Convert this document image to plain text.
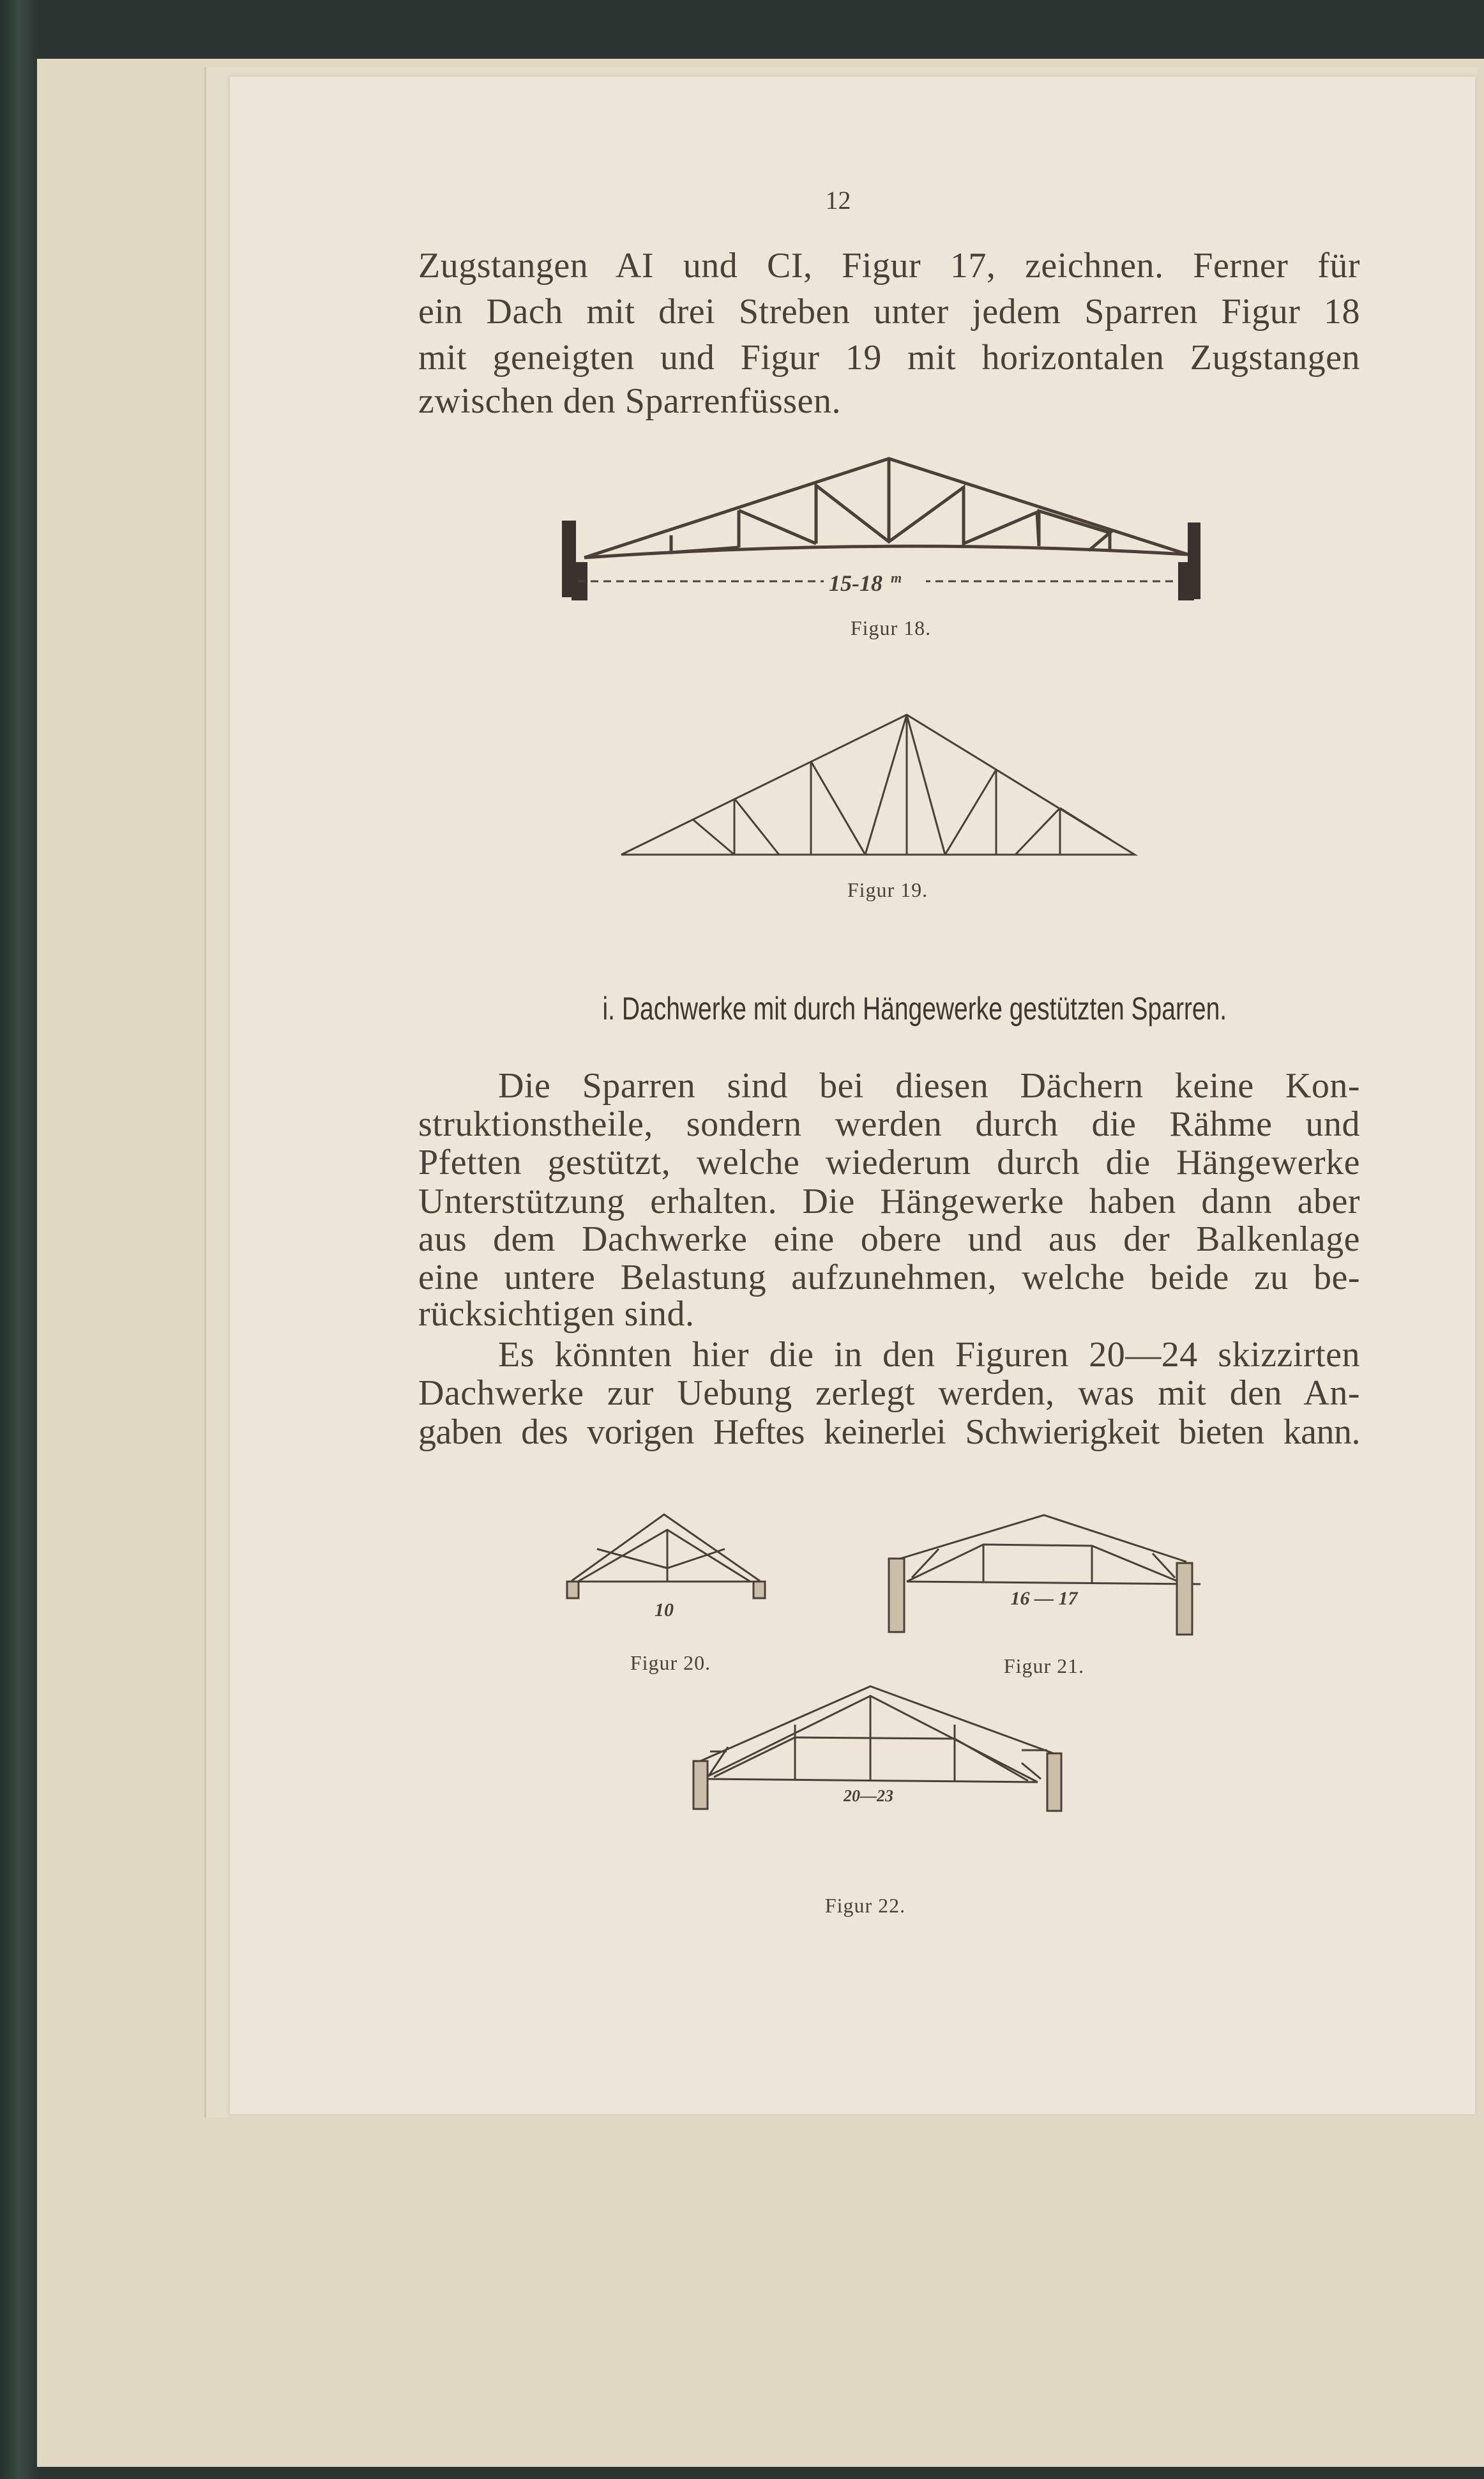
12
Zugstangen AI und CI, Figur 17, zeichnen. Ferner für
ein Dach mit drei Streben unter jedem Sparren Figur 18
mit geneigten und Figur 19 mit horizontalen Zugstangen
zwischen den Sparrenfüssen.
15-18 m
Figur 18.
Figur 19.
i. Dachwerke mit durch Hängewerke gestützten Sparren.
Die Sparren sind bei diesen Dächern keine Kon-
struktionstheile, sondern werden durch die Rähme und
Pfetten gestützt, welche wiederum durch die Hängewerke
Unterstützung erhalten. Die Hängewerke haben dann aber
aus dem Dachwerke eine obere und aus der Balkenlage
eine untere Belastung aufzunehmen, welche beide zu be-
rücksichtigen sind.
Es könnten hier die in den Figuren 20—24 skizzirten
Dachwerke zur Uebung zerlegt werden, was mit den An-
gaben des vorigen Heftes keinerlei Schwierigkeit bieten kann.
10
Figur 20.
16 — 17
Figur 21.
20—23
Figur 22.
